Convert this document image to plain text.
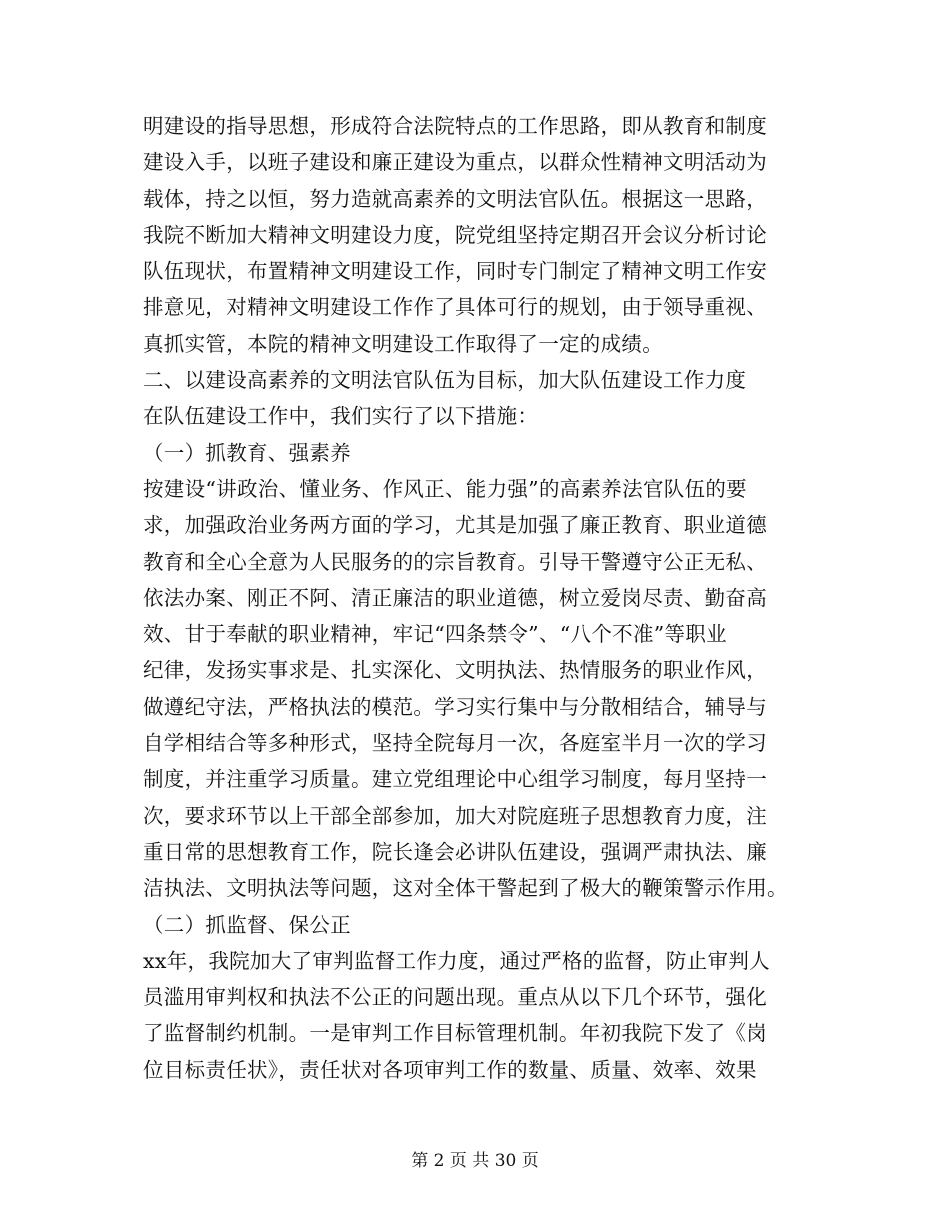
明建设的指导思想，形成符合法院特点的工作思路，即从教育和制度
建设入手，以班子建设和廉正建设为重点，以群众性精神文明活动为
载体，持之以恒，努力造就高素养的文明法官队伍。根据这一思路，
我院不断加大精神文明建设力度，院党组坚持定期召开会议分析讨论
队伍现状，布置精神文明建设工作，同时专门制定了精神文明工作安
排意见，对精神文明建设工作作了具体可行的规划，由于领导重视、
真抓实管，本院的精神文明建设工作取得了一定的成绩。
二、以建设高素养的文明法官队伍为目标，加大队伍建设工作力度
在队伍建设工作中，我们实行了以下措施：
（一）抓教育、强素养
按建设“讲政治、懂业务、作风正、能力强”的高素养法官队伍的要
求，加强政治业务两方面的学习，尤其是加强了廉正教育、职业道德
教育和全心全意为人民服务的的宗旨教育。引导干警遵守公正无私、
依法办案、刚正不阿、清正廉洁的职业道德，树立爱岗尽责、勤奋高
效、甘于奉献的职业精神，牢记“四条禁令”、“八个不准”等职业
纪律，发扬实事求是、扎实深化、文明执法、热情服务的职业作风，
做遵纪守法，严格执法的模范。学习实行集中与分散相结合，辅导与
自学相结合等多种形式，坚持全院每月一次，各庭室半月一次的学习
制度，并注重学习质量。建立党组理论中心组学习制度，每月坚持一
次，要求环节以上干部全部参加，加大对院庭班子思想教育力度，注
重日常的思想教育工作，院长逢会必讲队伍建设，强调严肃执法、廉
洁执法、文明执法等问题，这对全体干警起到了极大的鞭策警示作用。
（二）抓监督、保公正
xx年，我院加大了审判监督工作力度，通过严格的监督，防止审判人
员滥用审判权和执法不公正的问题出现。重点从以下几个环节，强化
了监督制约机制。一是审判工作目标管理机制。年初我院下发了《岗
位目标责任状》，责任状对各项审判工作的数量、质量、效率、效果
第 2 页 共 30 页
